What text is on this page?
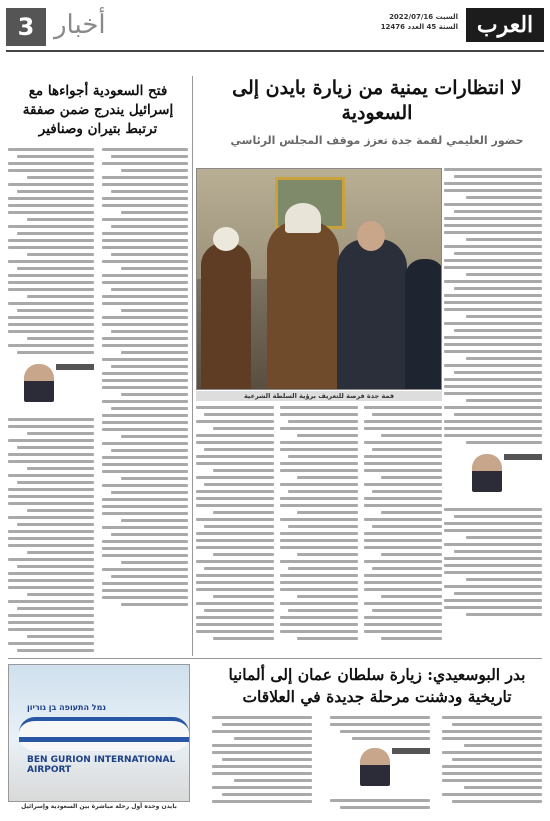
العرب
السبت 2022/07/16
السنة 45 العدد 12476
3 أخبار
لا انتظارات يمنية من زيارة بايدن إلى السعودية
حضور العليمي لقمة جدة تعزز موقف المجلس الرئاسي
فتح السعودية أجواءها مع إسرائيل يندرج ضمن صفقة ترتبط بتيران وصنافير
قمة جدة فرصة للتعريف برؤية السلطة الشرعية
بدر البوسعيدي: زيارة سلطان عمان إلى ألمانيا تاريخية ودشنت مرحلة جديدة في العلاقات
נמל התעופה בן גוריון
BEN GURION INTERNATIONAL AIRPORT
بايدن وحده أول رحلة مباشرة بين السعودية وإسرائيل
